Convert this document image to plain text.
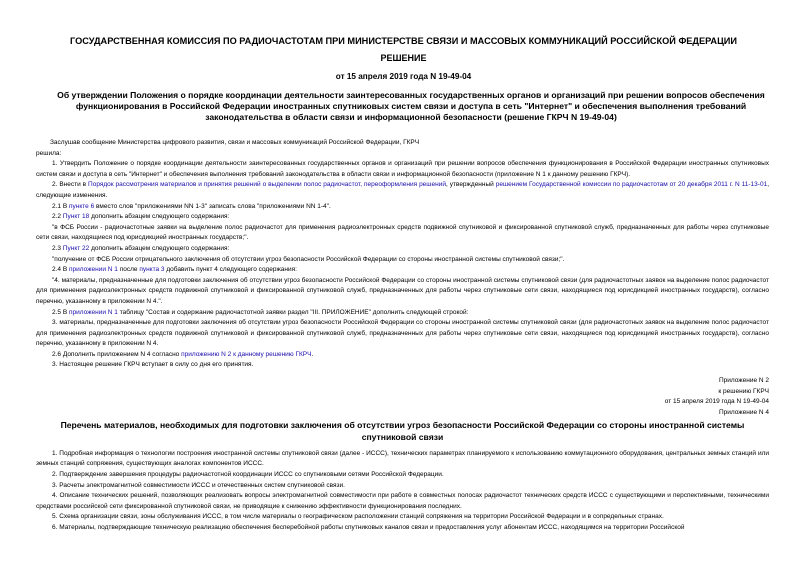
ГОСУДАРСТВЕННАЯ КОМИССИЯ ПО РАДИОЧАСТОТАМ ПРИ МИНИСТЕРСТВЕ СВЯЗИ И МАССОВЫХ КОММУНИКАЦИЙ РОССИЙСКОЙ ФЕДЕРАЦИИ
РЕШЕНИЕ
от 15 апреля 2019 года N 19-49-04
Об утверждении Положения о порядке координации деятельности заинтересованных государственных органов и организаций при решении вопросов обеспечения функционирования в Российской Федерации иностранных спутниковых систем связи и доступа в сеть "Интернет" и обеспечения выполнения требований законодательства в области связи и информационной безопасности (решение ГКРЧ N 19-49-04)

Заслушав сообщение Министерства цифрового развития, связи и массовых коммуникаций Российской Федерации, ГКРЧ

решила:

1. Утвердить Положение о порядке координации деятельности заинтересованных государственных органов и организаций при решении вопросов обеспечения функционирования в Российской Федерации иностранных спутниковых систем связи и доступа в сеть "Интернет" и обеспечения выполнения требований законодательства в области связи и информационной безопасности (приложение N 1 к данному решению ГКРЧ).

2. Внести в Порядок рассмотрения материалов и принятия решений о выделении полос радиочастот, переоформления решений, утвержденный решением Государственной комиссии по радиочастотам от 20 декабря 2011 г. N 11-13-01, следующие изменения.

2.1 В пункте 6 вместо слов "приложениями NN 1-3" записать слова "приложениями NN 1-4".

2.2 Пункт 18 дополнить абзацем следующего содержания:

"в ФСБ России - радиочастотные заявки на выделение полос радиочастот для применения радиоэлектронных средств подвижной спутниковой и фиксированной спутниковой служб, предназначенных для работы через спутниковые сети связи, находящиеся под юрисдикцией иностранных государств;".

2.3 Пункт 22 дополнить абзацем следующего содержания:

"получение от ФСБ России отрицательного заключения об отсутствии угроз безопасности Российской Федерации со стороны иностранной системы спутниковой связи;".

2.4 В приложении N 1 после пункта 3 добавить пункт 4 следующего содержания:

"4. материалы, предназначенные для подготовки заключения об отсутствии угроз безопасности Российской Федерации со стороны иностранной системы спутниковой связи (для радиочастотных заявок на выделение полос радиочастот для применения радиоэлектронных средств подвижной спутниковой и фиксированной спутниковой служб, предназначенных для работы через спутниковые сети связи, находящиеся под юрисдикцией иностранных государств), согласно перечню, указанному в приложении N 4.".

2.5 В приложении N 1 таблицу "Состав и содержание радиочастотной заявки раздел "III. ПРИЛОЖЕНИЕ" дополнить следующей строкой:

3. материалы, предназначенные для подготовки заключения об отсутствии угроз безопасности Российской Федерации со стороны иностранной системы спутниковой связи (для радиочастотных заявок на выделение полос радиочастот для применения радиоэлектронных средств подвижной спутниковой и фиксированной спутниковой служб, предназначенных для работы через спутниковые сети связи, находящиеся под юрисдикцией иностранных государств), согласно перечню, указанному в приложении N 4.

2.6 Дополнить приложением N 4 согласно приложению N 2 к данному решению ГКРЧ.

3. Настоящее решение ГКРЧ вступает в силу со дня его принятия.

Приложение N 2
к решению ГКРЧ
от 15 апреля 2019 года N 19-49-04
Приложение N 4
Перечень материалов, необходимых для подготовки заключения об отсутствии угроз безопасности Российской Федерации со стороны иностранной системы спутниковой связи

1. Подробная информация о технологии построения иностранной системы спутниковой связи (далее - ИССС), технических параметрах планируемого к использованию коммутационного оборудования, центральных земных станций или земных станций сопряжения, существующих аналогах компонентов ИССС.

2. Подтверждение завершения процедуры радиочастотной координации ИССС со спутниковыми сетями Российской Федерации.

3. Расчеты электромагнитной совместимости ИССС и отечественных систем спутниковой связи.

4. Описание технических решений, позволяющих реализовать вопросы электромагнитной совместимости при работе в совместных полосах радиочастот технических средств ИССС с существующими и перспективными, техническими средствами российской сети фиксированной спутниковой связи, не приводящие к снижению эффективности функционирования последних.

5. Схема организации связи, зоны обслуживания ИССС, в том числе материалы о географическом расположении станций сопряжения на территории Российской Федерации и в сопредельных странах.

6. Материалы, подтверждающие техническую реализацию обеспечения бесперебойной работы спутниковых каналов связи и предоставления услуг абонентам ИССС, находящимся на территории Российской
